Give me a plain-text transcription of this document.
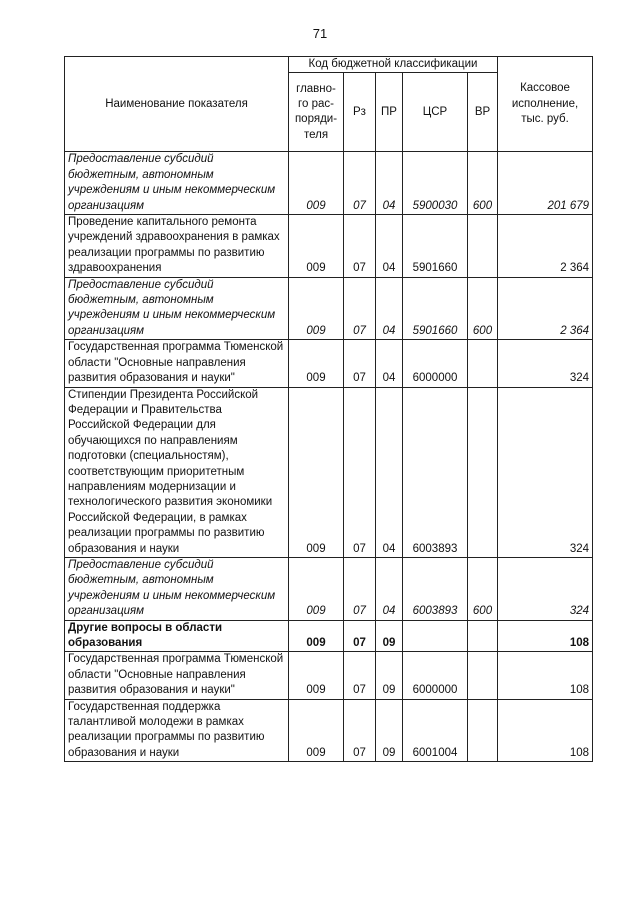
71
Наименование показателя	Код бюджетной классификации					Кассовое исполнение, тыс. руб.
	главно-го рас-поряди-теля	Рз	ПР	ЦСР	ВР	
Предоставление субсидий бюджетным, автономным учреждениям и иным некоммерческим организациям	009	07	04	5900030	600	201 679
Проведение капитального ремонта учреждений здравоохранения в рамках реализации программы по развитию здравоохранения	009	07	04	5901660		2 364
Предоставление субсидий бюджетным, автономным учреждениям и иным некоммерческим организациям	009	07	04	5901660	600	2 364
Государственная программа Тюменской области "Основные направления развития образования и науки"	009	07	04	6000000		324
Стипендии Президента Российской Федерации и Правительства Российской Федерации для обучающихся по направлениям подготовки (специальностям), соответствующим приоритетным направлениям модернизации и технологического развития экономики Российской Федерации, в рамках реализации программы по развитию образования и науки	009	07	04	6003893		324
Предоставление субсидий бюджетным, автономным учреждениям и иным некоммерческим организациям	009	07	04	6003893	600	324
Другие вопросы в области образования	009	07	09			108
Государственная программа Тюменской области "Основные направления развития образования и науки"	009	07	09	6000000		108
Государственная поддержка талантливой молодежи в рамках реализации программы по развитию образования и науки	009	07	09	6001004		108
